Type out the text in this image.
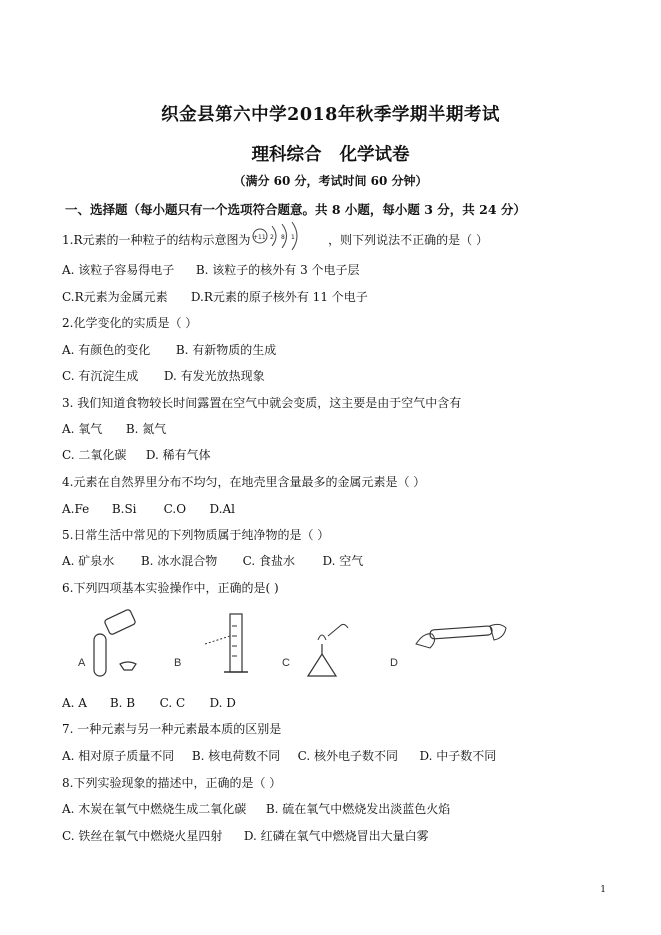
织金县第六中学2018年秋季学期半期考试
理科综合 化学试卷
（满分 60 分，考试时间 60 分钟）
一、选择题（每小题只有一个选项符合题意。共 8 小题，每小题 3 分，共 24 分）
1.R元素的一种粒子的结构示意图为	，则下列说法不正确的是（ ）
+11 2 8 1
A. 该粒子容易得电子 B. 该粒子的核外有 3 个电子层
C.R元素为金属元素 D.R元素的原子核外有 11 个电子
2.化学变化的实质是（ ）
A. 有颜色的变化 B. 有新物质的生成
C. 有沉淀生成 D. 有发光放热现象
3. 我们知道食物较长时间露置在空气中就会变质，这主要是由于空气中含有
A. 氧气 B. 氮气
C. 二氧化碳 D. 稀有气体
4.元素在自然界里分布不均匀，在地壳里含量最多的金属元素是（ ）
A.Fe B.Si C.O D.Al
5.日常生活中常见的下列物质属于纯净物的是（ ）
A. 矿泉水 B. 冰水混合物 C. 食盐水 D. 空气
6.下列四项基本实验操作中，正确的是( )
A	B	C	D
A. A B. B C. C D. D
7. 一种元素与另一种元素最本质的区别是
A. 相对原子质量不同 B. 核电荷数不同 C. 核外电子数不同 D. 中子数不同
8.下列实验现象的描述中，正确的是（ ）
A. 木炭在氧气中燃烧生成二氧化碳 B. 硫在氧气中燃烧发出淡蓝色火焰
C. 铁丝在氧气中燃烧火星四射 D. 红磷在氧气中燃烧冒出大量白雾
1
